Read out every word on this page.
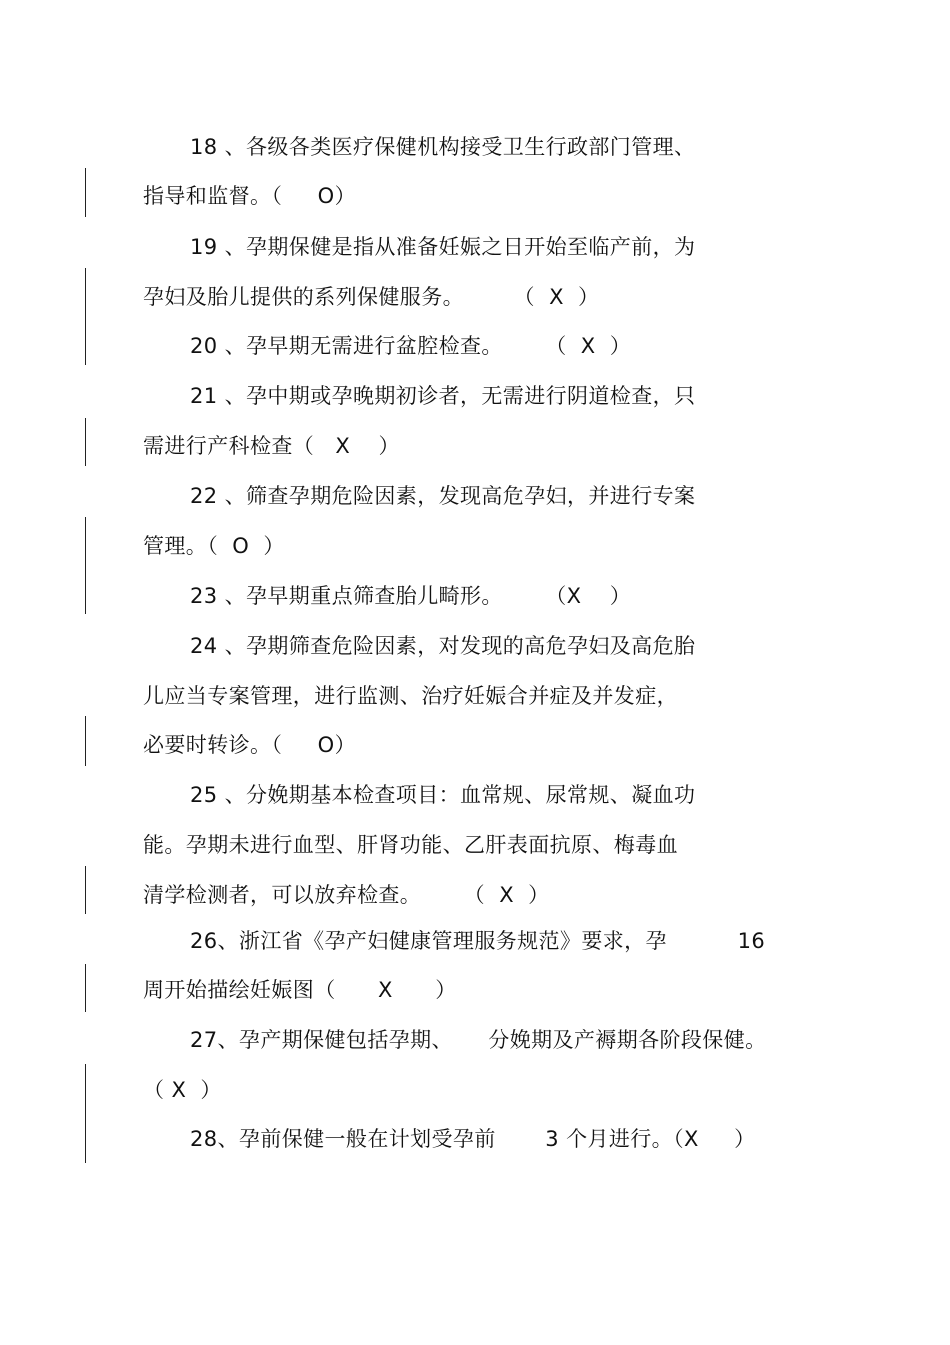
18 、各级各类医疗保健机构接受卫生行政部门管理、
指导和监督。（     O）
19 、孕期保健是指从准备妊娠之日开始至临产前，为
孕妇及胎儿提供的系列保健服务。       （  X  ）
20 、孕早期无需进行盆腔检查。      （  X  ）
21 、孕中期或孕晚期初诊者，无需进行阴道检查，只
需进行产科检查（   X    ）
22 、筛查孕期危险因素，发现高危孕妇，并进行专案
管理。（  O  ）
23 、孕早期重点筛查胎儿畸形。      （X    ）
24 、孕期筛查危险因素，对发现的高危孕妇及高危胎
儿应当专案管理，进行监测、治疗妊娠合并症及并发症，
必要时转诊。（     O）
25 、分娩期基本检查项目：血常规、尿常规、凝血功
能。孕期未进行血型、肝肾功能、乙肝表面抗原、梅毒血
清学检测者，可以放弃检查。      （  X  ）
26、浙江省《孕产妇健康管理服务规范》要求，孕          16
周开始描绘妊娠图（      X      ）
27、孕产期保健包括孕期、     分娩期及产褥期各阶段保健。
（ X  ）
28、孕前保健一般在计划受孕前       3 个月进行。（X     ）
